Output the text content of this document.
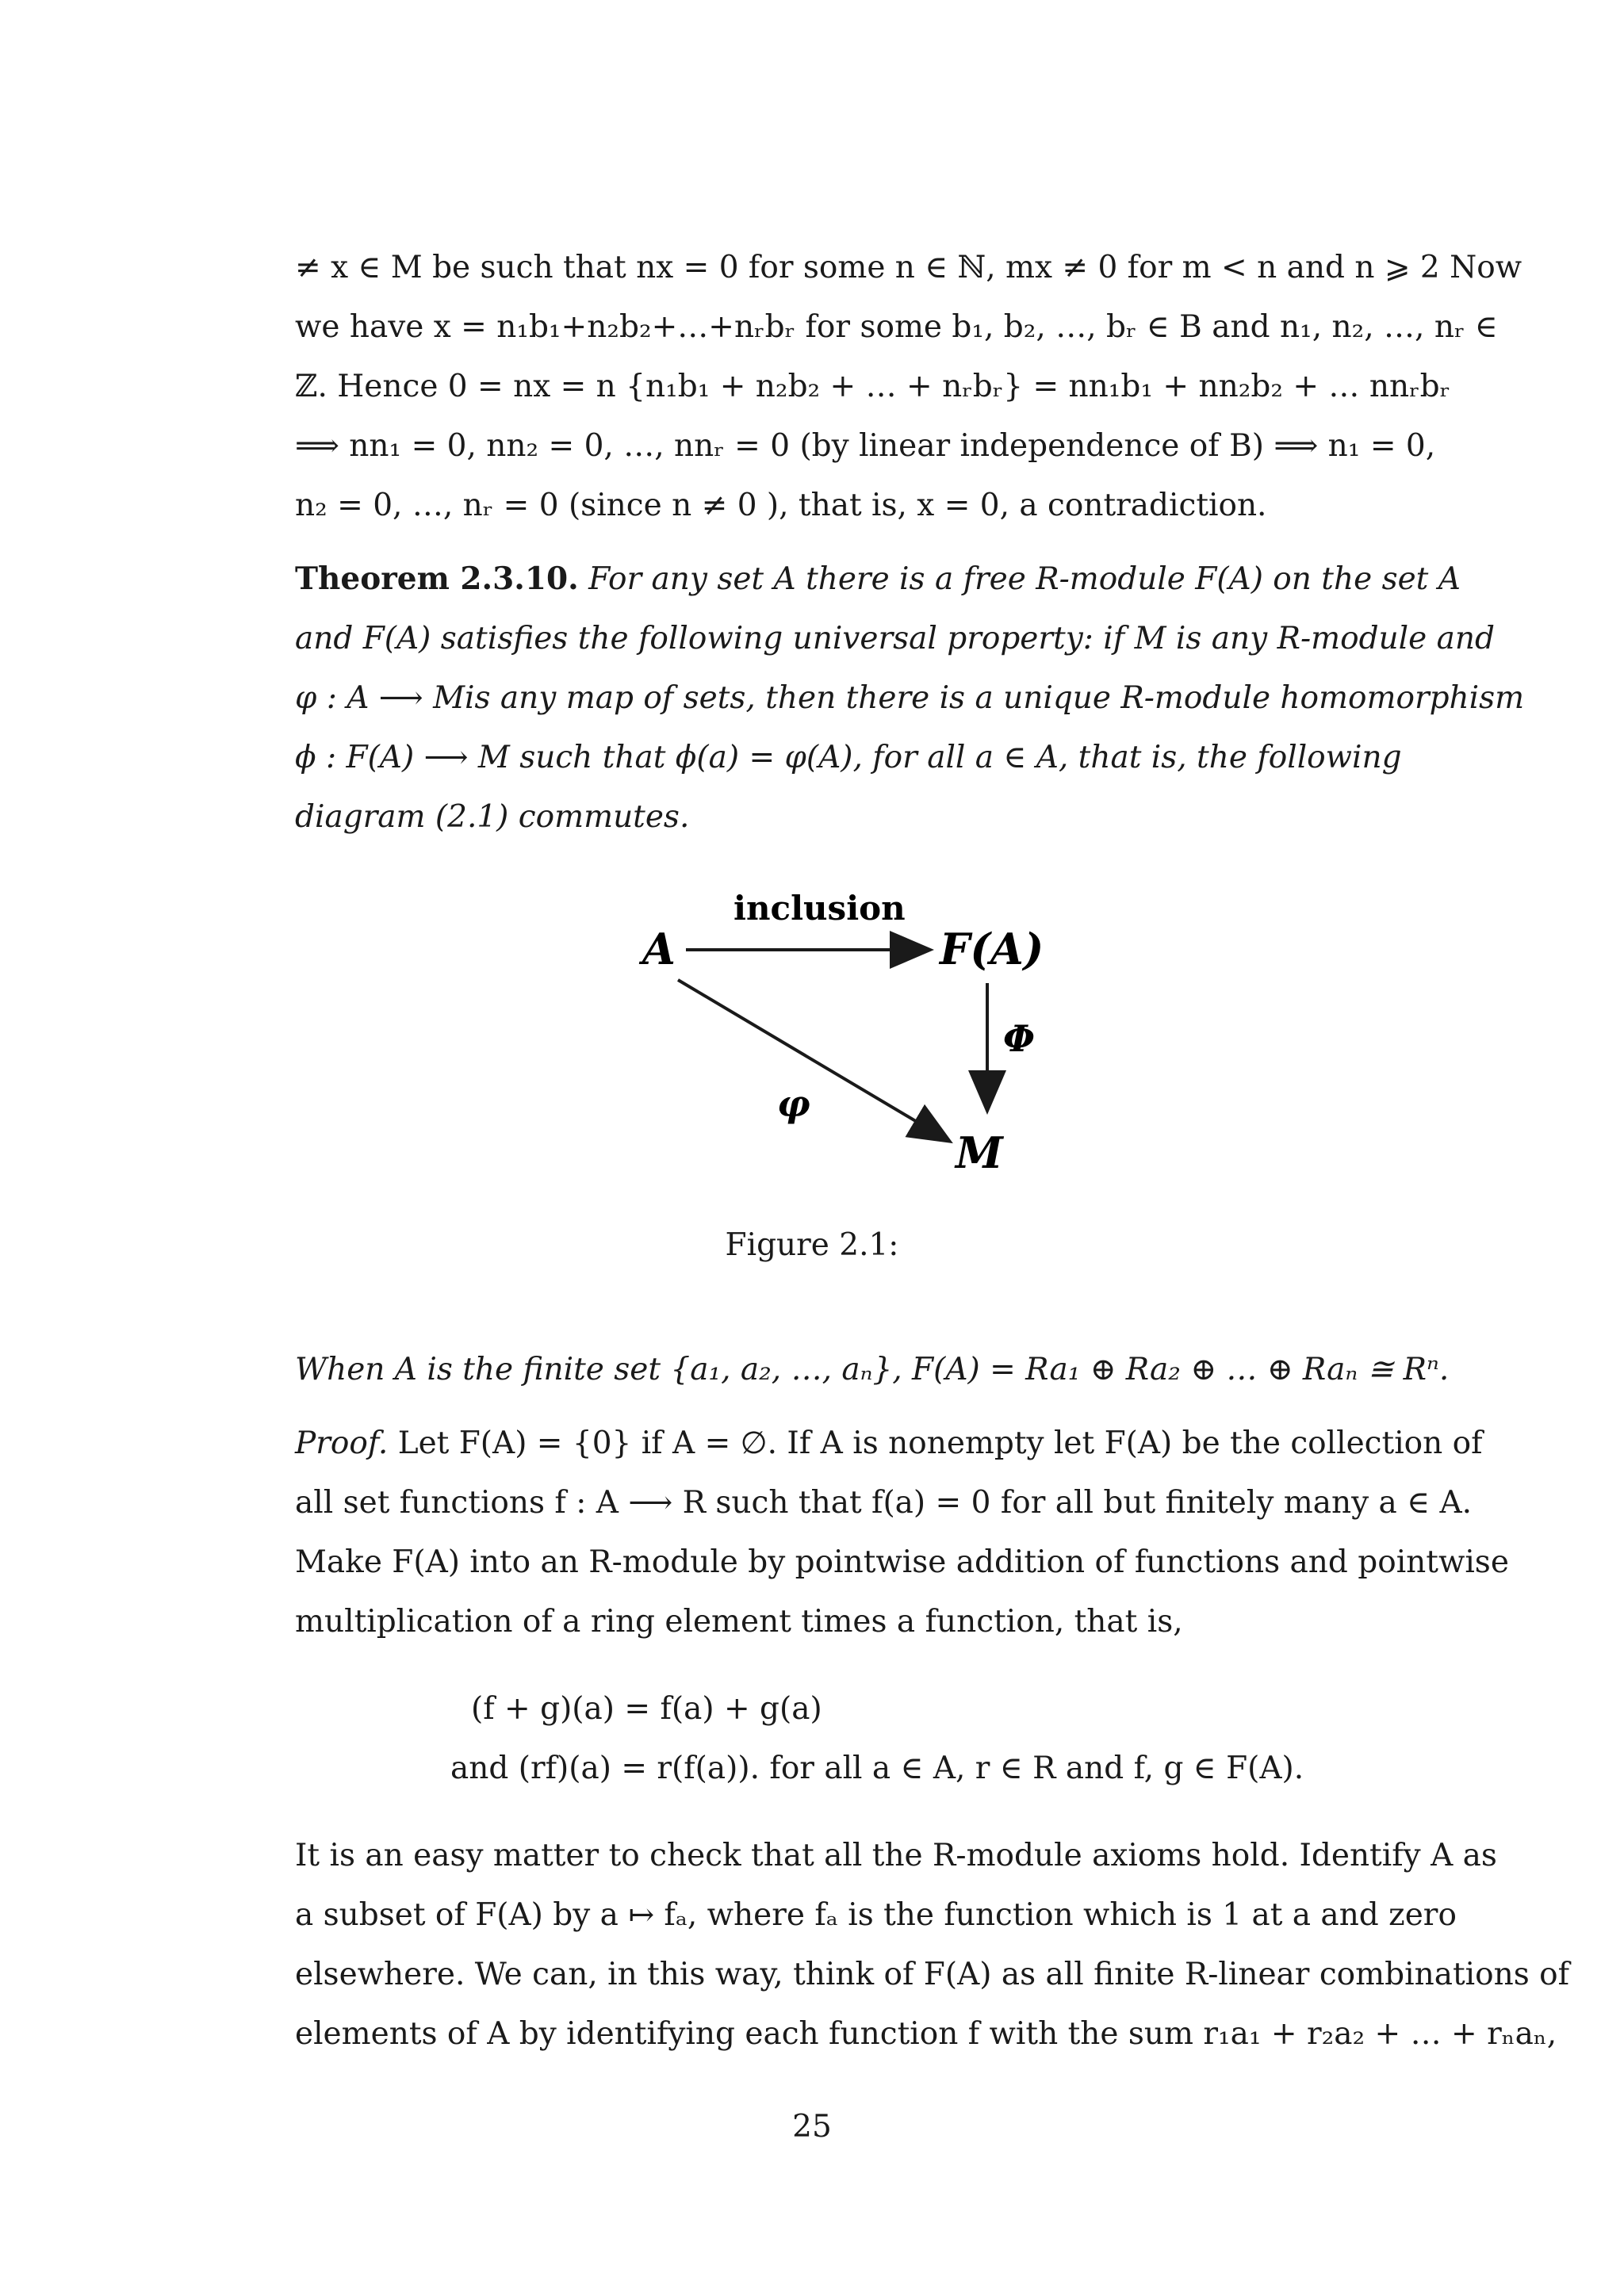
≠ x ∈ M be such that nx = 0 for some n ∈ ℕ, mx ≠ 0 for m < n and n ⩾ 2 Now
we have x = n₁b₁+n₂b₂+…+nᵣbᵣ for some b₁, b₂, …, bᵣ ∈ B and n₁, n₂, …, nᵣ ∈
ℤ. Hence 0 = nx = n {n₁b₁ + n₂b₂ + … + nᵣbᵣ} = nn₁b₁ + nn₂b₂ + … nnᵣbᵣ
⟹ nn₁ = 0, nn₂ = 0, …, nnᵣ = 0 (by linear independence of B) ⟹ n₁ = 0,
n₂ = 0, …, nᵣ = 0 (since n ≠ 0 ), that is, x = 0, a contradiction.
Theorem 2.3.10. For any set A there is a free R-module F(A) on the set A
and F(A) satisfies the following universal property: if M is any R-module and
φ : A ⟶ Mis any map of sets, then there is a unique R-module homomorphism
ϕ : F(A) ⟶ M such that ϕ(a) = φ(A), for all a ∈ A, that is, the following
diagram (2.1) commutes.
A
inclusion
F(A)
Φ
φ
M
Figure 2.1:
When A is the finite set {a₁, a₂, …, aₙ}, F(A) = Ra₁ ⊕ Ra₂ ⊕ … ⊕ Raₙ ≅ Rⁿ.
Proof. Let F(A) = {0} if A = ∅. If A is nonempty let F(A) be the collection of
all set functions f : A ⟶ R such that f(a) = 0 for all but finitely many a ∈ A.
Make F(A) into an R-module by pointwise addition of functions and pointwise
multiplication of a ring element times a function, that is,
(f + g)(a) = f(a) + g(a)
and (rf)(a) = r(f(a)). for all a ∈ A, r ∈ R and f, g ∈ F(A).
It is an easy matter to check that all the R-module axioms hold. Identify A as
a subset of F(A) by a ↦ fₐ, where fₐ is the function which is 1 at a and zero
elsewhere. We can, in this way, think of F(A) as all finite R-linear combinations of
elements of A by identifying each function f with the sum r₁a₁ + r₂a₂ + … + rₙaₙ,
25
